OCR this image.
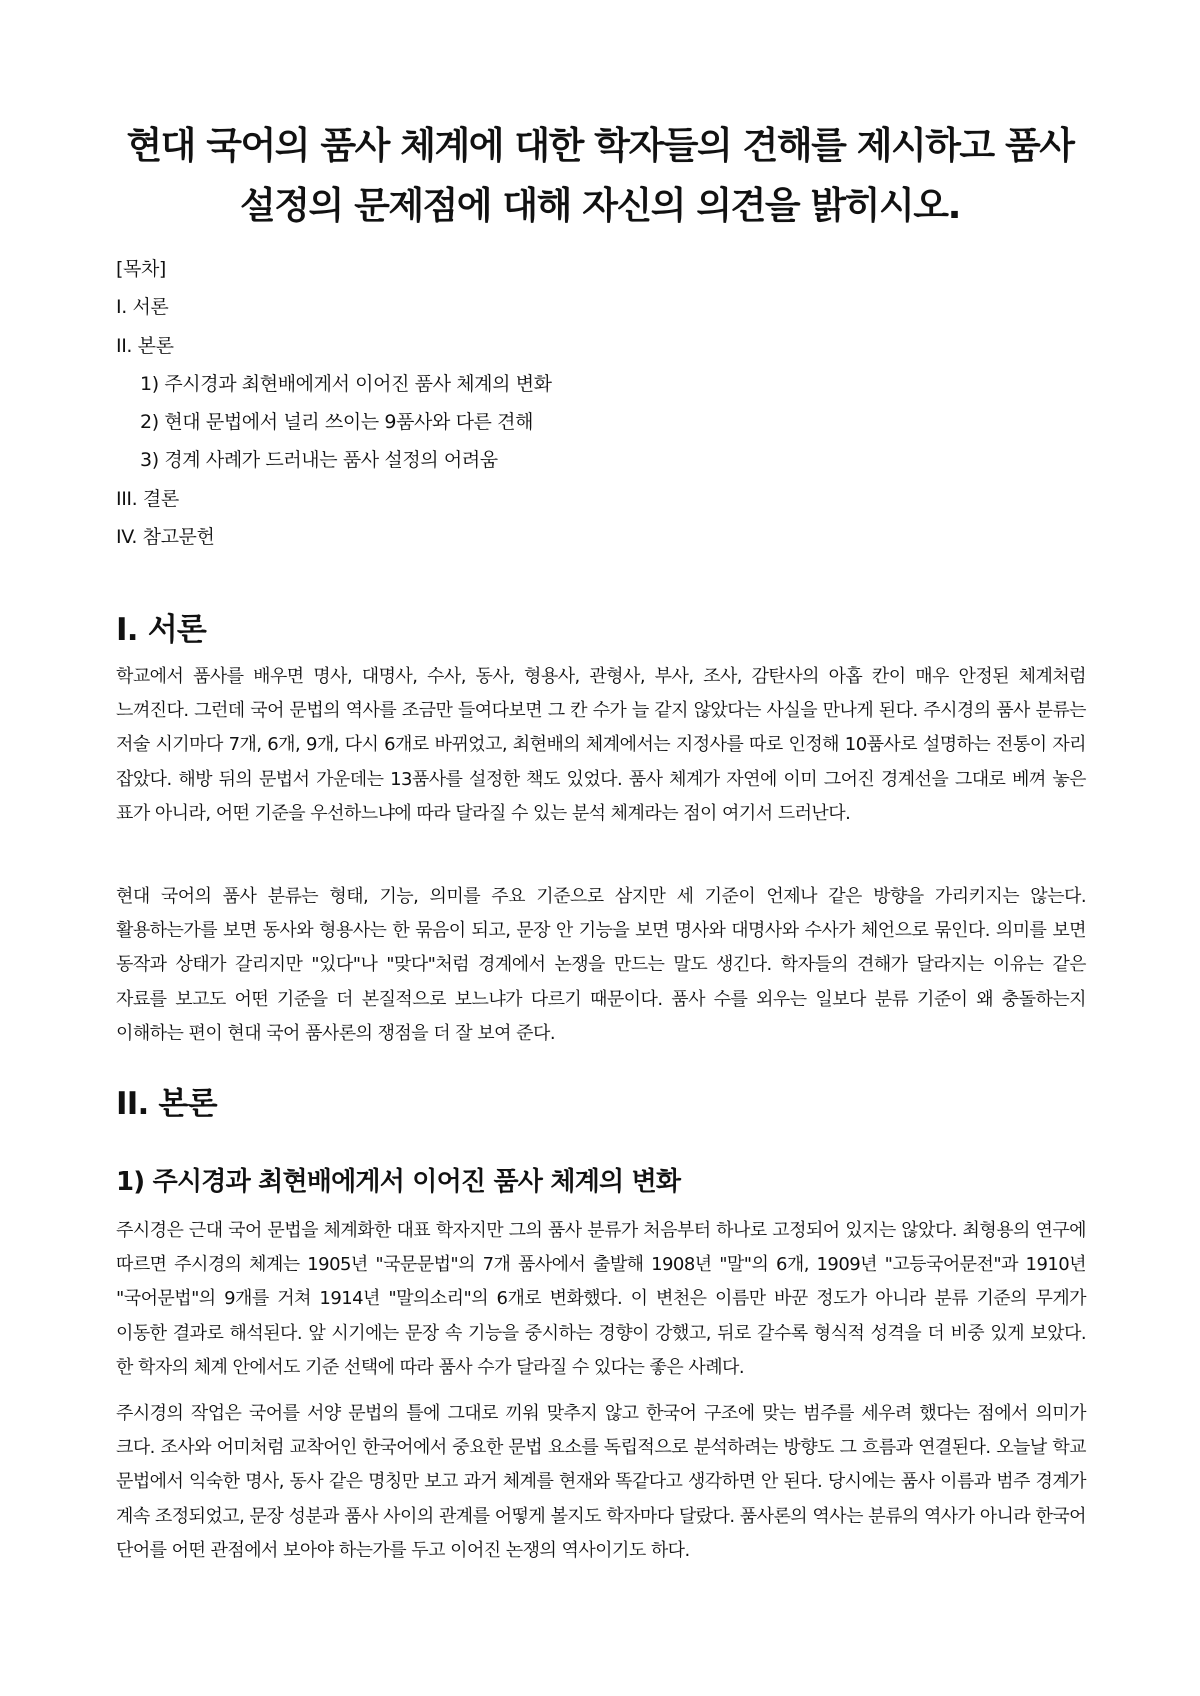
현대 국어의 품사 체계에 대한 학자들의 견해를 제시하고 품사
설정의 문제점에 대해 자신의 의견을 밝히시오.
[목차]
I. 서론
II. 본론
1) 주시경과 최현배에게서 이어진 품사 체계의 변화
2) 현대 문법에서 널리 쓰이는 9품사와 다른 견해
3) 경계 사례가 드러내는 품사 설정의 어려움
III. 결론
IV. 참고문헌
I. 서론

학교에서 품사를 배우면 명사, 대명사, 수사, 동사, 형용사, 관형사, 부사, 조사, 감탄사의 아홉 칸이 매우 안정된 체계처럼 느껴진다. 그런데 국어 문법의 역사를 조금만 들여다보면 그 칸 수가 늘 같지 않았다는 사실을 만나게 된다. 주시경의 품사 분류는 저술 시기마다 7개, 6개, 9개, 다시 6개로 바뀌었고, 최현배의 체계에서는 지정사를 따로 인정해 10품사로 설명하는 전통이 자리 잡았다. 해방 뒤의 문법서 가운데는 13품사를 설정한 책도 있었다. 품사 체계가 자연에 이미 그어진 경계선을 그대로 베껴 놓은 표가 아니라, 어떤 기준을 우선하느냐에 따라 달라질 수 있는 분석 체계라는 점이 여기서 드러난다.

현대 국어의 품사 분류는 형태, 기능, 의미를 주요 기준으로 삼지만 세 기준이 언제나 같은 방향을 가리키지는 않는다. 활용하는가를 보면 동사와 형용사는 한 묶음이 되고, 문장 안 기능을 보면 명사와 대명사와 수사가 체언으로 묶인다. 의미를 보면 동작과 상태가 갈리지만 "있다"나 "맞다"처럼 경계에서 논쟁을 만드는 말도 생긴다. 학자들의 견해가 달라지는 이유는 같은 자료를 보고도 어떤 기준을 더 본질적으로 보느냐가 다르기 때문이다. 품사 수를 외우는 일보다 분류 기준이 왜 충돌하는지 이해하는 편이 현대 국어 품사론의 쟁점을 더 잘 보여 준다.

II. 본론
1) 주시경과 최현배에게서 이어진 품사 체계의 변화

주시경은 근대 국어 문법을 체계화한 대표 학자지만 그의 품사 분류가 처음부터 하나로 고정되어 있지는 않았다. 최형용의 연구에 따르면 주시경의 체계는 1905년 "국문문법"의 7개 품사에서 출발해 1908년 "말"의 6개, 1909년 "고등국어문전"과 1910년 "국어문법"의 9개를 거쳐 1914년 "말의소리"의 6개로 변화했다. 이 변천은 이름만 바꾼 정도가 아니라 분류 기준의 무게가 이동한 결과로 해석된다. 앞 시기에는 문장 속 기능을 중시하는 경향이 강했고, 뒤로 갈수록 형식적 성격을 더 비중 있게 보았다. 한 학자의 체계 안에서도 기준 선택에 따라 품사 수가 달라질 수 있다는 좋은 사례다.

주시경의 작업은 국어를 서양 문법의 틀에 그대로 끼워 맞추지 않고 한국어 구조에 맞는 범주를 세우려 했다는 점에서 의미가 크다. 조사와 어미처럼 교착어인 한국어에서 중요한 문법 요소를 독립적으로 분석하려는 방향도 그 흐름과 연결된다. 오늘날 학교 문법에서 익숙한 명사, 동사 같은 명칭만 보고 과거 체계를 현재와 똑같다고 생각하면 안 된다. 당시에는 품사 이름과 범주 경계가 계속 조정되었고, 문장 성분과 품사 사이의 관계를 어떻게 볼지도 학자마다 달랐다. 품사론의 역사는 분류의 역사가 아니라 한국어 단어를 어떤 관점에서 보아야 하는가를 두고 이어진 논쟁의 역사이기도 하다.
